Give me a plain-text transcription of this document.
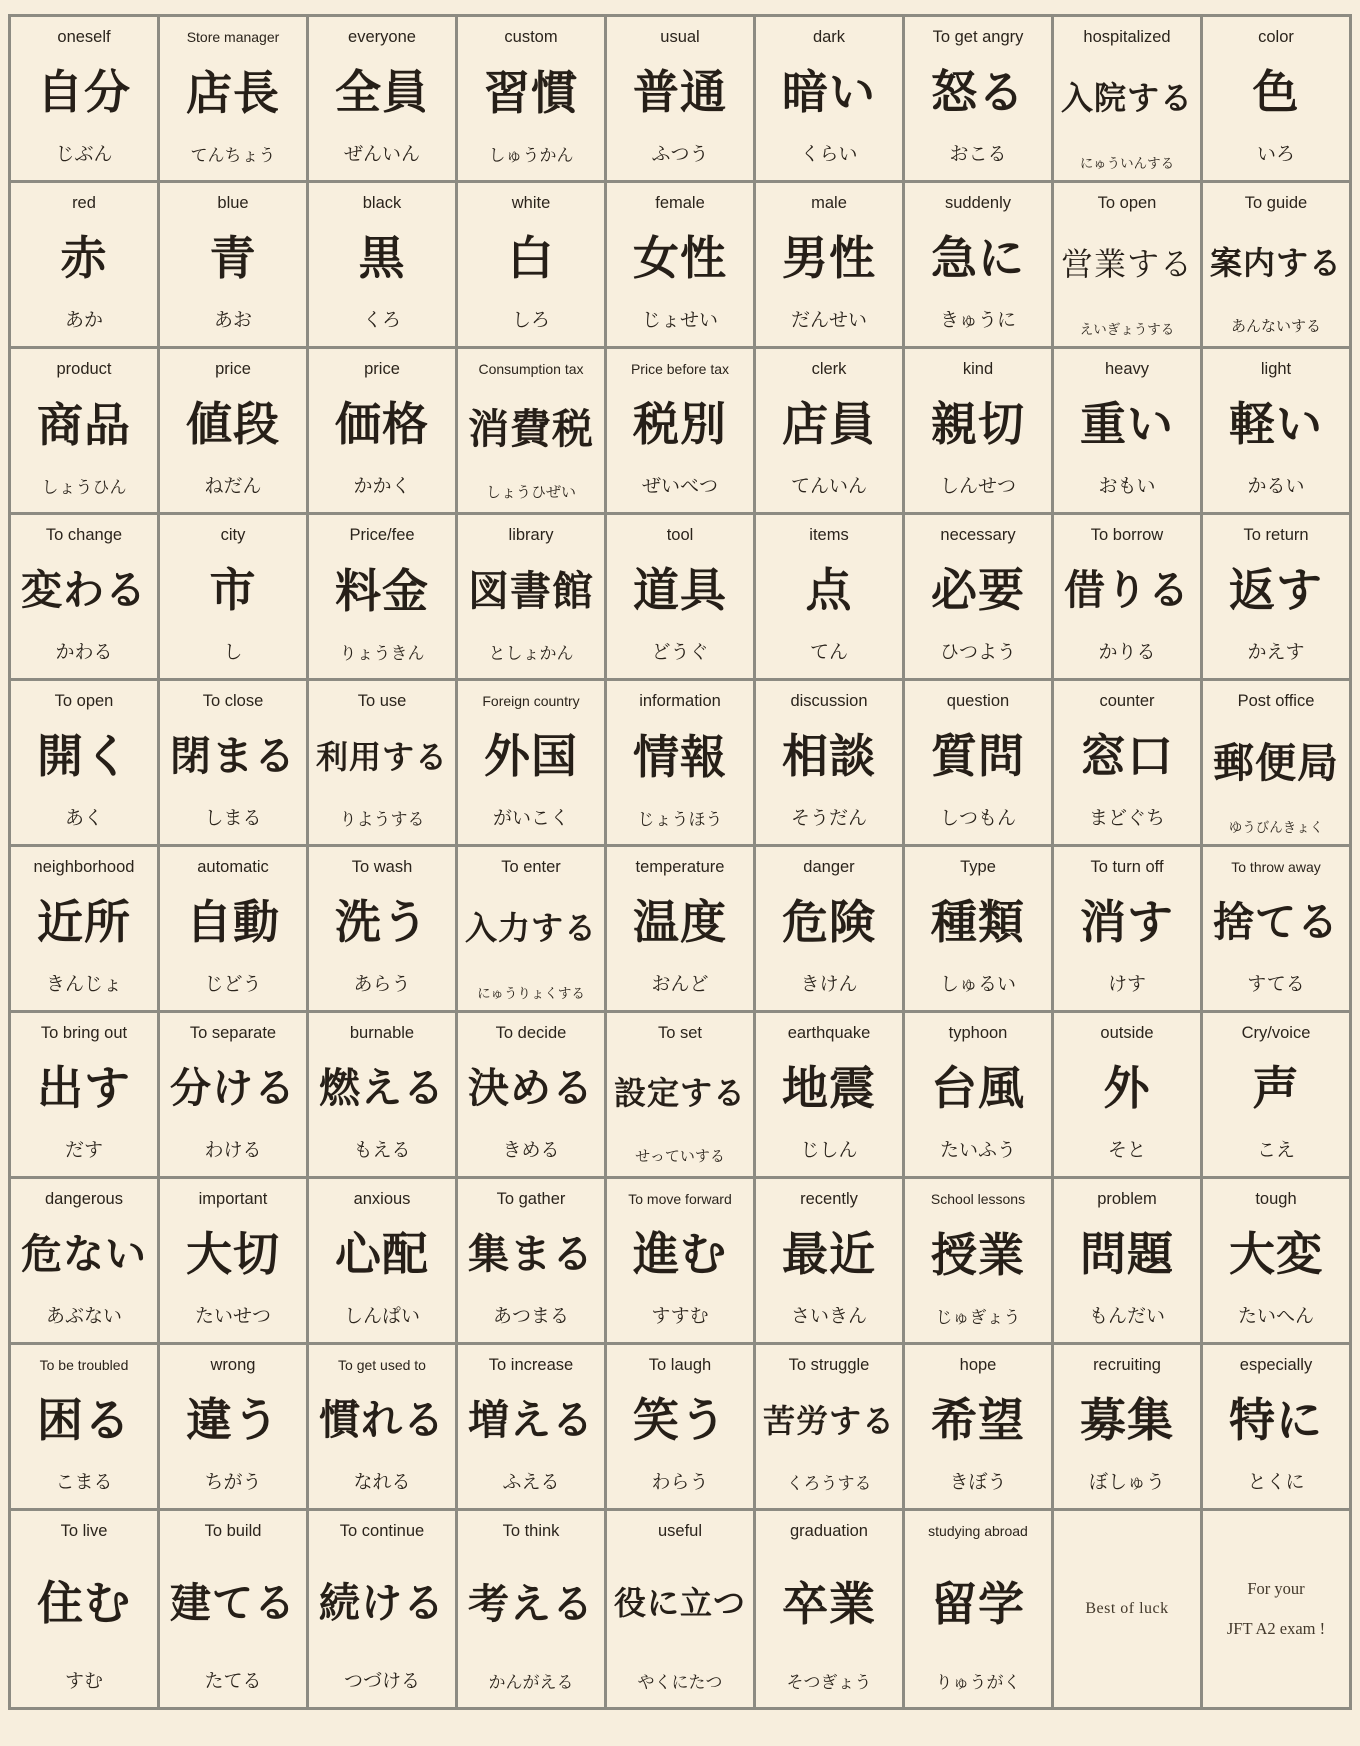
oneself
自分
じぶん
Store manager
店長
てんちょう
everyone
全員
ぜんいん
custom
習慣
しゅうかん
usual
普通
ふつう
dark
暗い
くらい
To get angry
怒る
おこる
hospitalized
入院する
にゅういんする
color
色
いろ
red
赤
あか
blue
青
あお
black
黒
くろ
white
白
しろ
female
女性
じょせい
male
男性
だんせい
suddenly
急に
きゅうに
To open
営業する
えいぎょうする
To guide
案内する
あんないする
product
商品
しょうひん
price
値段
ねだん
price
価格
かかく
Consumption tax
消費税
しょうひぜい
Price before tax
税別
ぜいべつ
clerk
店員
てんいん
kind
親切
しんせつ
heavy
重い
おもい
light
軽い
かるい
To change
変わる
かわる
city
市
し
Price/fee
料金
りょうきん
library
図書館
としょかん
tool
道具
どうぐ
items
点
てん
necessary
必要
ひつよう
To borrow
借りる
かりる
To return
返す
かえす
To open
開く
あく
To close
閉まる
しまる
To use
利用する
りようする
Foreign country
外国
がいこく
information
情報
じょうほう
discussion
相談
そうだん
question
質問
しつもん
counter
窓口
まどぐち
Post office
郵便局
ゆうびんきょく
neighborhood
近所
きんじょ
automatic
自動
じどう
To wash
洗う
あらう
To enter
入力する
にゅうりょくする
temperature
温度
おんど
danger
危険
きけん
Type
種類
しゅるい
To turn off
消す
けす
To throw away
捨てる
すてる
To bring out
出す
だす
To separate
分ける
わける
burnable
燃える
もえる
To decide
決める
きめる
To set
設定する
せっていする
earthquake
地震
じしん
typhoon
台風
たいふう
outside
外
そと
Cry/voice
声
こえ
dangerous
危ない
あぶない
important
大切
たいせつ
anxious
心配
しんぱい
To gather
集まる
あつまる
To move forward
進む
すすむ
recently
最近
さいきん
School lessons
授業
じゅぎょう
problem
問題
もんだい
tough
大変
たいへん
To be troubled
困る
こまる
wrong
違う
ちがう
To get used to
慣れる
なれる
To increase
増える
ふえる
To laugh
笑う
わらう
To struggle
苦労する
くろうする
hope
希望
きぼう
recruiting
募集
ぼしゅう
especially
特に
とくに
To live
住む
すむ
To build
建てる
たてる
To continue
続ける
つづける
To think
考える
かんがえる
useful
役に立つ
やくにたつ
graduation
卒業
そつぎょう
studying abroad
留学
りゅうがく
Best of luck
For your
JFT A2 exam !
